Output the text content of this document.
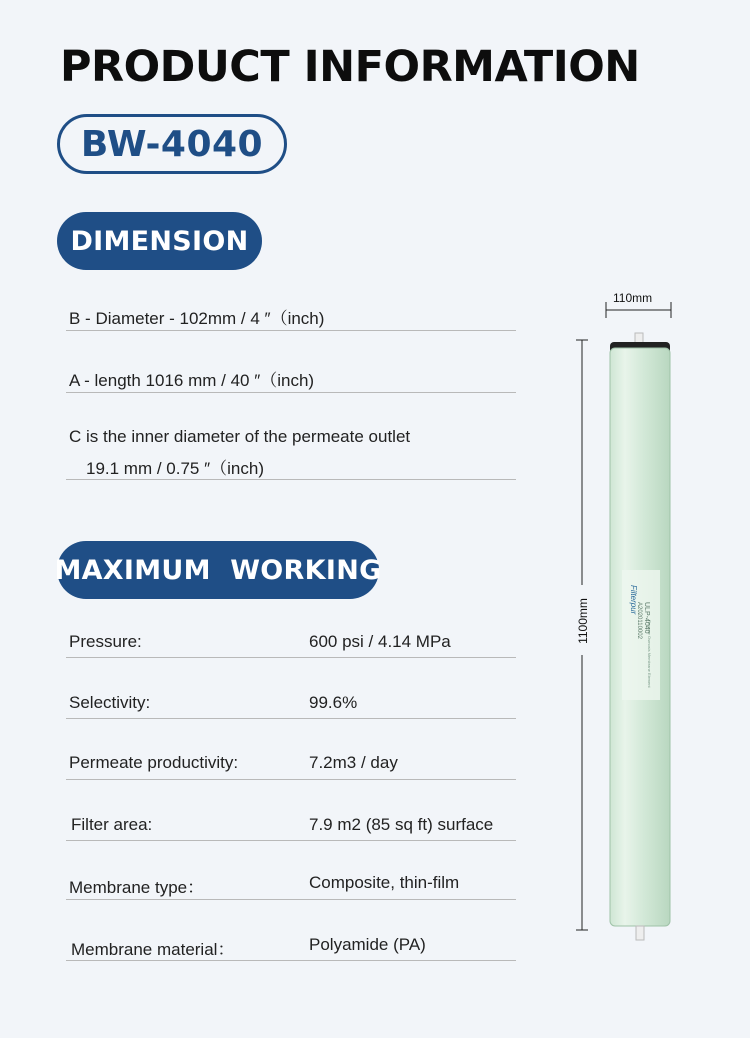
PRODUCT INFORMATION
BW-4040
DIMENSION
B - Diameter - 102mm / 4 ″（inch)
A - length 1016 mm / 40 ″（inch)
C is the inner diameter of the permeate outlet
19.1 mm / 0.75 ″（inch)
MAXIMUM  WORKING
Pressure:	600 psi / 4.14 MPa
Selectivity:	99.6%
Permeate productivity:	7.2m3 / day
Filter area:	7.9 m2 (85 sq ft) surface
Membrane type：	Composite, thin-film
Membrane material：	Polyamide (PA)
110mm
1100mm	Filterpur
Reverse Osmosis Membrane Element
ULP-4040
A2020110002
